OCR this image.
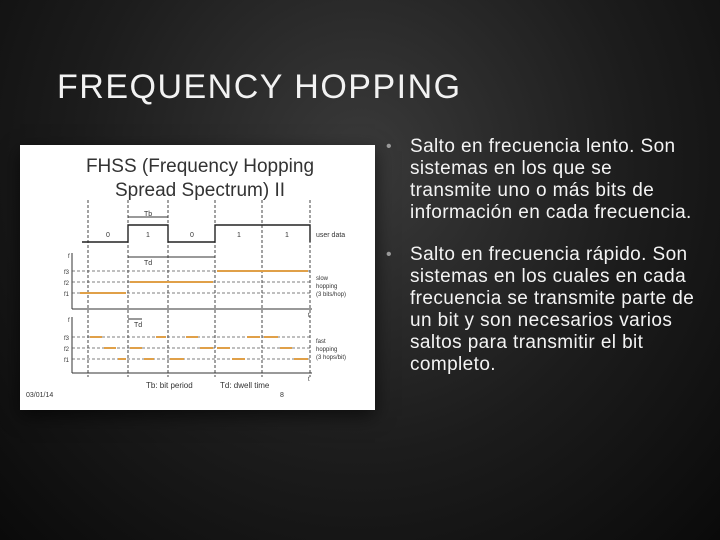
FREQUENCY HOPPING
FHSS (Frequency Hopping
Spread Spectrum) II
Tb
0	1	0	1	1	user data
Td
f3
f2
f1
f
t
slow
hopping
(3 bits/hop)
Td
f3
f2
f1
f
t
fast
hopping
(3 hops/bit)
Tb: bit period	Td: dwell time
03/01/14	8
• Salto en frecuencia lento. Son sistemas en los que se transmite uno o más bits de información en cada frecuencia.
• Salto en frecuencia rápido. Son sistemas en los cuales en cada frecuencia se transmite parte de un bit y son necesarios varios saltos para transmitir el bit completo.
